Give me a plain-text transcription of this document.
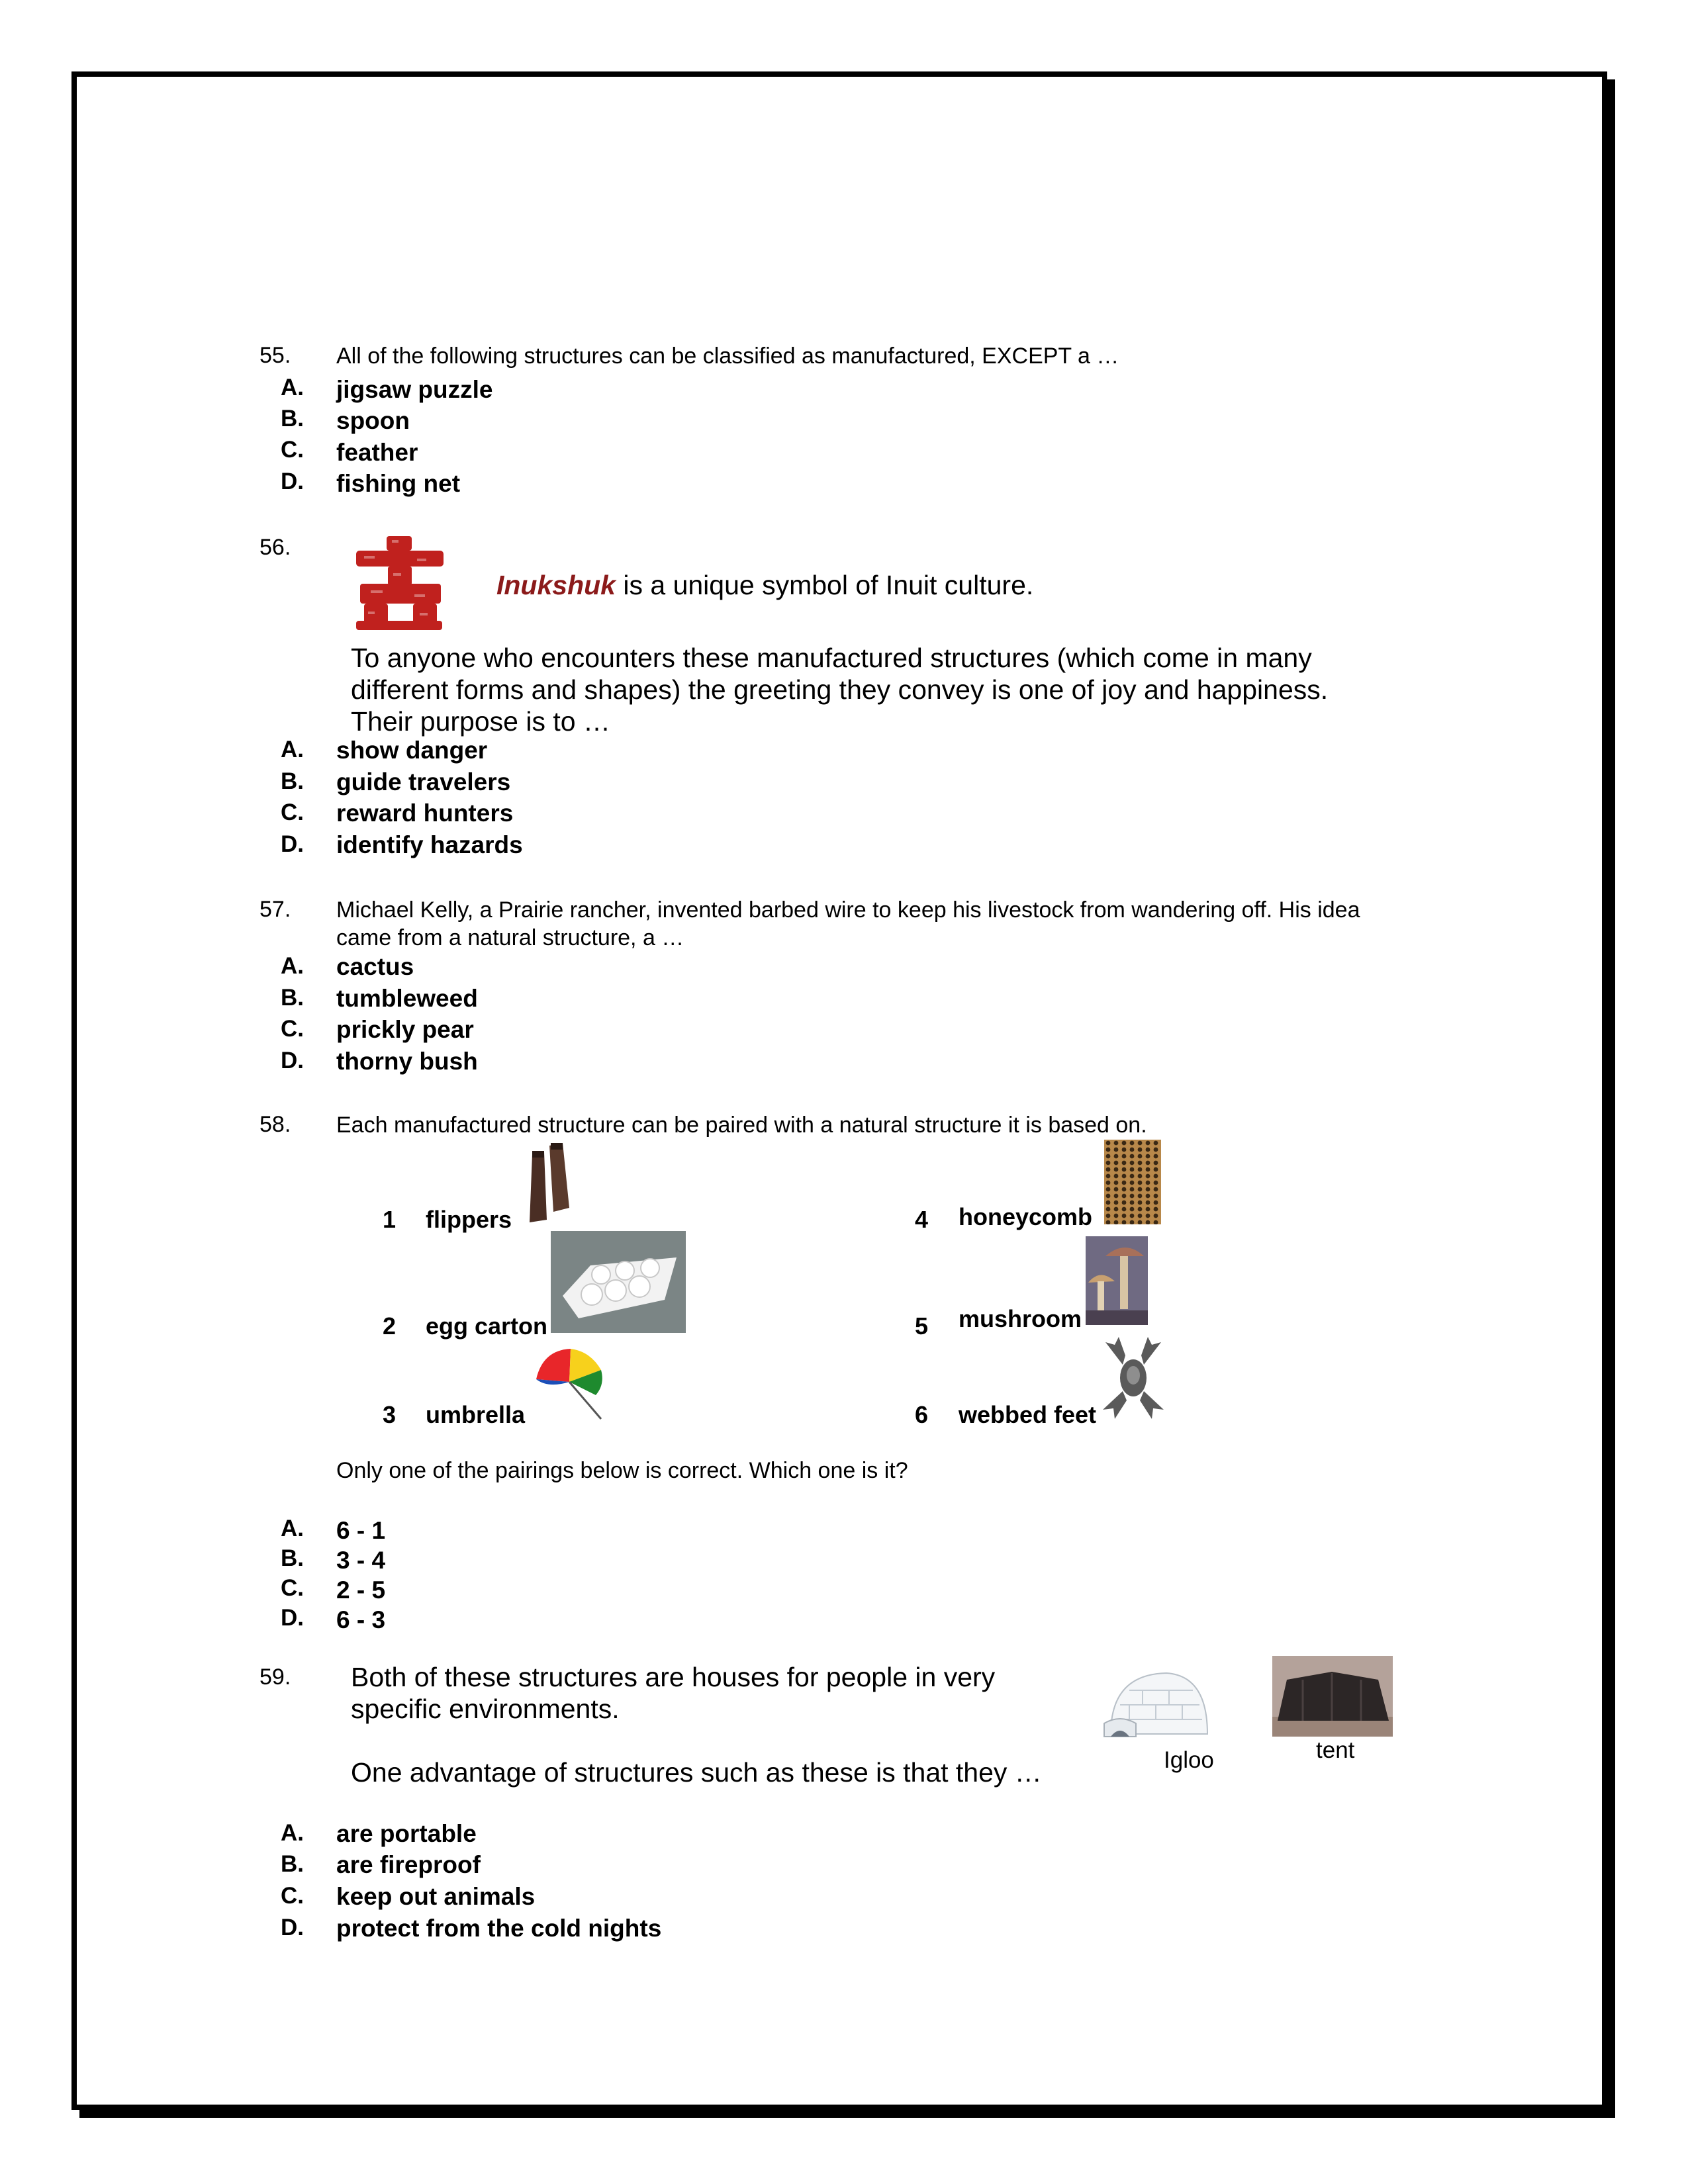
55. All of the following structures can be classified as manufactured, EXCEPT a …
A. jigsaw puzzle
B. spoon
C. feather
D. fishing net
56.
Inukshuk is a unique symbol of Inuit culture.
To anyone who encounters these manufactured structures (which come in many
different forms and shapes) the greeting they convey is one of joy and happiness.
Their purpose is to …
A. show danger
B. guide travelers
C. reward hunters
D. identify hazards
57. Michael Kelly, a Prairie rancher, invented barbed wire to keep his livestock from wandering off. His idea
came from a natural structure, a …
A. cactus
B. tumbleweed
C. prickly pear
D. thorny bush
58. Each manufactured structure can be paired with a natural structure it is based on.
1 flippers
2 egg carton
3 umbrella
4 honeycomb
5 mushroom
6 webbed feet
Only one of the pairings below is correct. Which one is it?
A. 6 - 1
B. 3 - 4
C. 2 - 5
D. 6 - 3
59. Both of these structures are houses for people in very
specific environments.
One advantage of structures such as these is that they …	Igloo	tent
A. are portable
B. are fireproof
C. keep out animals
D. protect from the cold nights
